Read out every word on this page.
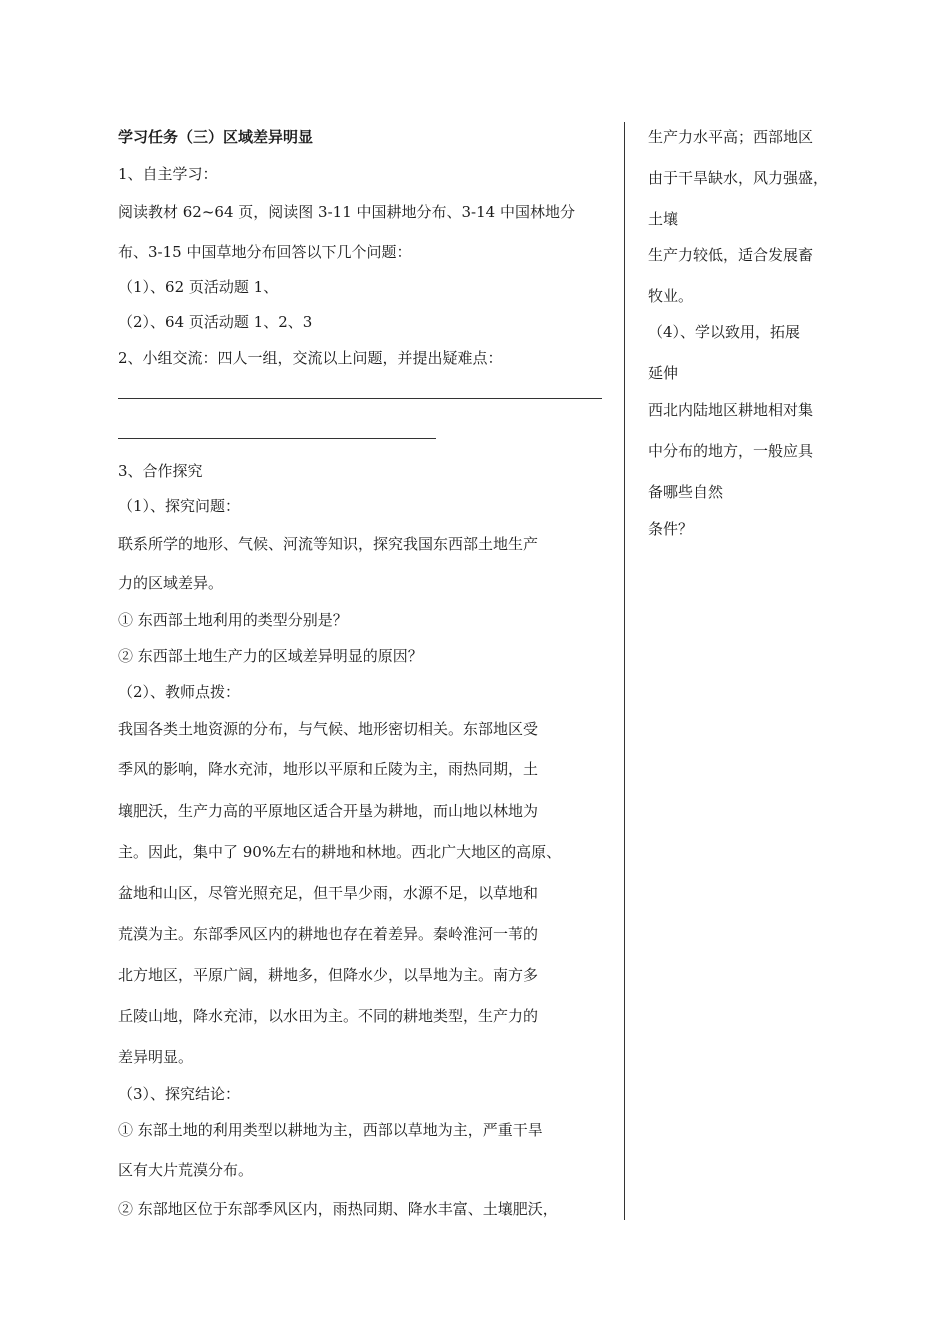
学习任务（三）区域差异明显
1、自主学习：
阅读教材 62~64 页，阅读图 3-11 中国耕地分布、3-14 中国林地分
布、3-15 中国草地分布回答以下几个问题：
（1）、62 页活动题 1、
（2）、64 页活动题 1、2、3
2、小组交流：四人一组，交流以上问题，并提出疑难点：
3、合作探究
（1）、探究问题：
联系所学的地形、气候、河流等知识，探究我国东西部土地生产
力的区域差异。
① 东西部土地利用的类型分别是？
② 东西部土地生产力的区域差异明显的原因？
（2）、教师点拨：
我国各类土地资源的分布，与气候、地形密切相关。东部地区受
季风的影响，降水充沛，地形以平原和丘陵为主，雨热同期，土
壤肥沃，生产力高的平原地区适合开垦为耕地，而山地以林地为
主。因此，集中了 90%左右的耕地和林地。西北广大地区的高原、
盆地和山区，尽管光照充足，但干旱少雨，水源不足，以草地和
荒漠为主。东部季风区内的耕地也存在着差异。秦岭淮河一苇的
北方地区，平原广阔，耕地多，但降水少，以旱地为主。南方多
丘陵山地，降水充沛，以水田为主。不同的耕地类型，生产力的
差异明显。
（3）、探究结论：
① 东部土地的利用类型以耕地为主，西部以草地为主，严重干旱
区有大片荒漠分布。
② 东部地区位于东部季风区内，雨热同期、降水丰富、土壤肥沃，
生产力水平高；西部地区
由于干旱缺水，风力强盛，
土壤
生产力较低，适合发展畜
牧业。
（4）、学以致用，拓展
延伸
西北内陆地区耕地相对集
中分布的地方，一般应具
备哪些自然
条件？
